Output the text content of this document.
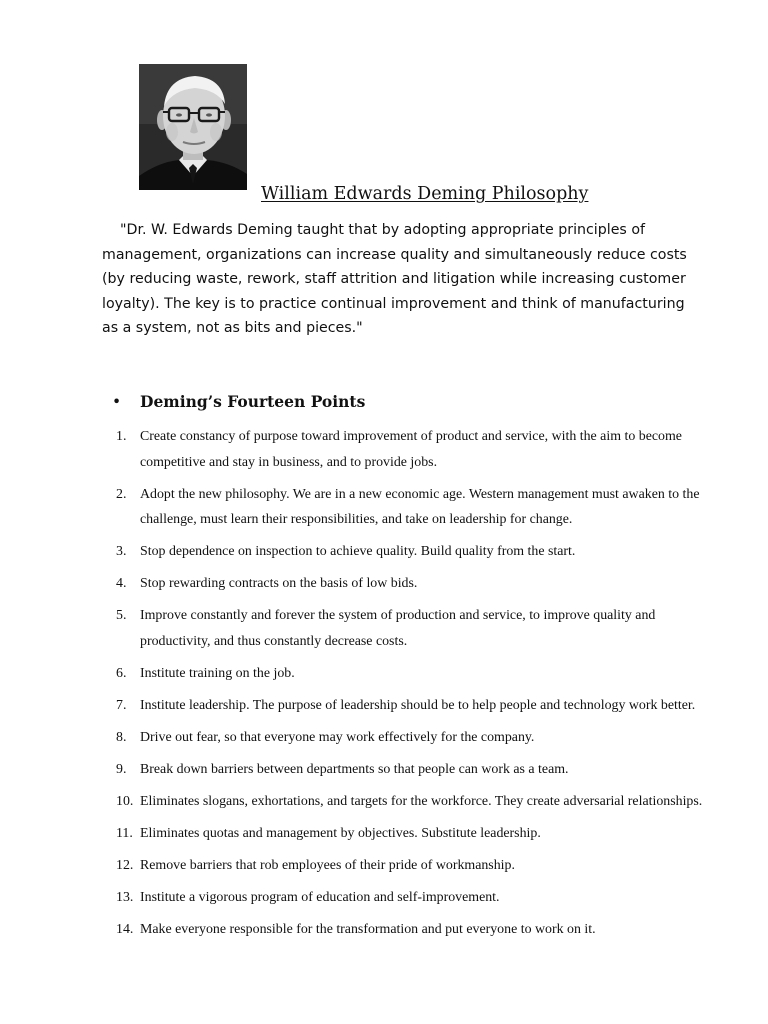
William Edwards Deming Philosophy

"Dr. W. Edwards Deming taught that by adopting appropriate principles of management, organizations can increase quality and simultaneously reduce costs (by reducing waste, rework, staff attrition and litigation while increasing customer loyalty). The key is to practice continual improvement and think of manufacturing as a system, not as bits and pieces."

• Deming’s Fourteen Points
1. Create constancy of purpose toward improvement of product and service, with the aim to become competitive and stay in business, and to provide jobs.
2. Adopt the new philosophy. We are in a new economic age. Western management must awaken to the challenge, must learn their responsibilities, and take on leadership for change.
3. Stop dependence on inspection to achieve quality. Build quality from the start.
4. Stop rewarding contracts on the basis of low bids.
5. Improve constantly and forever the system of production and service, to improve quality and productivity, and thus constantly decrease costs.
6. Institute training on the job.
7. Institute leadership. The purpose of leadership should be to help people and technology work better.
8. Drive out fear, so that everyone may work effectively for the company.
9. Break down barriers between departments so that people can work as a team.
10. Eliminates slogans, exhortations, and targets for the workforce. They create adversarial relationships.
11. Eliminates quotas and management by objectives. Substitute leadership.
12. Remove barriers that rob employees of their pride of workmanship.
13. Institute a vigorous program of education and self-improvement.
14. Make everyone responsible for the transformation and put everyone to work on it.
